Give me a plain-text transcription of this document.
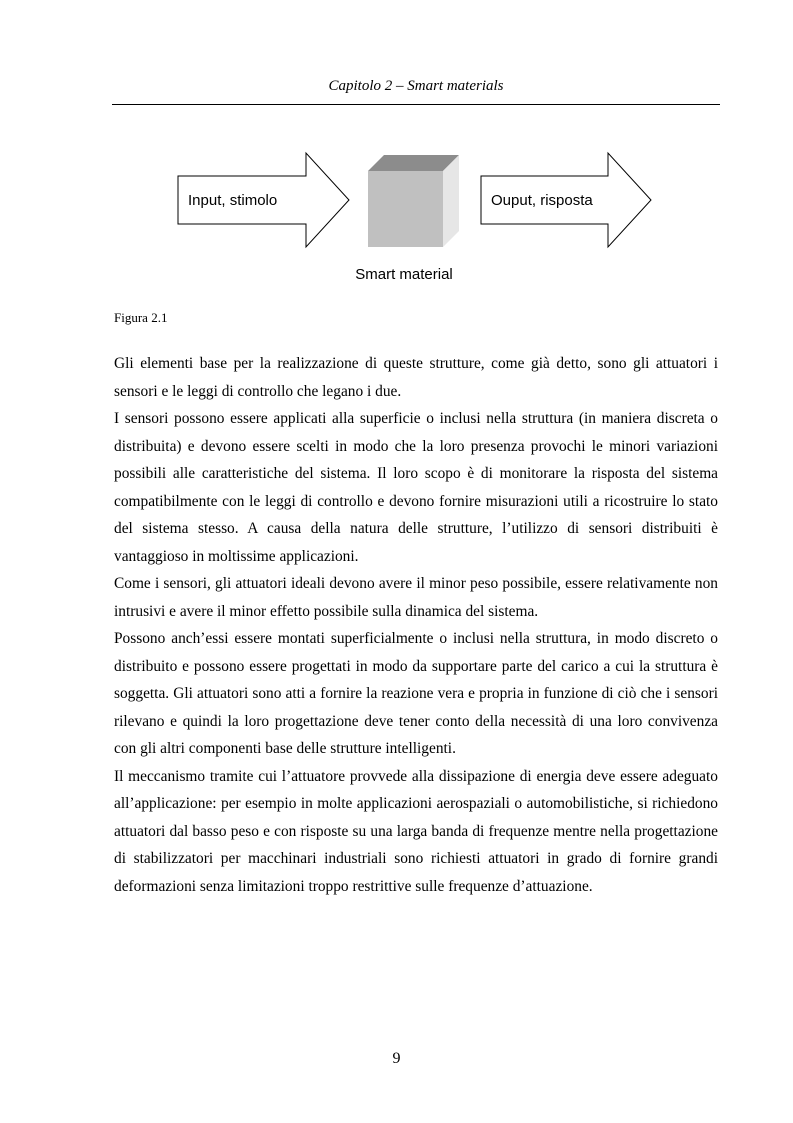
Capitolo 2 – Smart materials
Input, stimolo	Ouput, risposta
Smart material
Figura 2.1

Gli elementi base per la realizzazione di queste strutture, come già detto, sono gli attuatori i sensori e le leggi di controllo che legano i due.

I sensori possono essere applicati alla superficie o inclusi nella struttura (in maniera discreta o distribuita) e devono essere scelti in modo che la loro presenza provochi le minori variazioni possibili alle caratteristiche del sistema. Il loro scopo è di monitorare la risposta del sistema compatibilmente con le leggi di controllo e devono fornire misurazioni utili a ricostruire lo stato del sistema stesso. A causa della natura delle strutture, l’utilizzo di sensori distribuiti è vantaggioso in moltissime applicazioni.

Come i sensori, gli attuatori ideali devono avere il minor peso possibile, essere relativamente non intrusivi e avere il minor effetto possibile sulla dinamica del sistema.

Possono anch’essi essere montati superficialmente o inclusi nella struttura, in modo discreto o distribuito e possono essere progettati in modo da supportare parte del carico a cui la struttura è soggetta. Gli attuatori sono atti a fornire la reazione vera e propria in funzione di ciò che i sensori rilevano e quindi la loro progettazione deve tener conto della necessità di una loro convivenza con gli altri componenti base delle strutture intelligenti.

Il meccanismo tramite cui l’attuatore provvede alla dissipazione di energia deve essere adeguato all’applicazione: per esempio in molte applicazioni aerospaziali o automobilistiche, si richiedono attuatori dal basso peso e con risposte su una larga banda di frequenze mentre nella progettazione di stabilizzatori per macchinari industriali sono richiesti attuatori in grado di fornire grandi deformazioni senza limitazioni troppo restrittive sulle frequenze d’attuazione.

9
